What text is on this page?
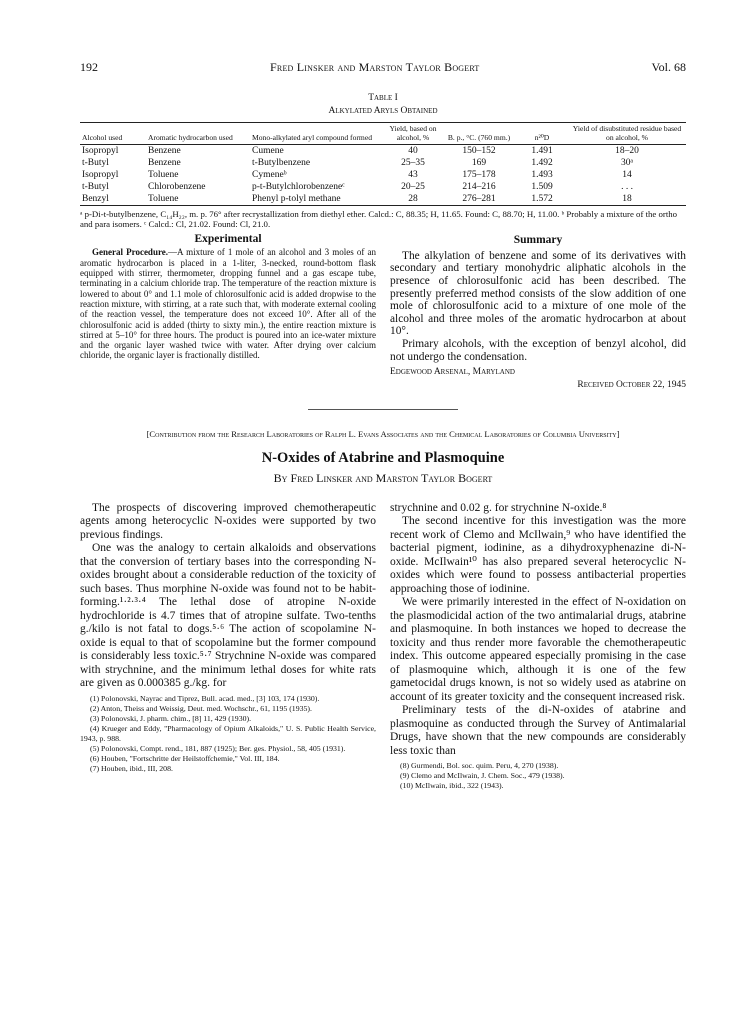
192	Fred Linsker and Marston Taylor Bogert	Vol. 68
Table I
Alkylated Aryls Obtained
Alcohol used	Aromatic hydrocarbon used	Mono-alkylated aryl compound formed	Yield, based on alcohol, %	B. p., °C. (760 mm.)	n²⁰D	Yield of disubstituted residue based on alcohol, %
Isopropyl	Benzene	Cumene	40	150–152	1.491	18–20
t-Butyl	Benzene	t-Butylbenzene	25–35	169	1.492	30ᵃ
Isopropyl	Toluene	Cymeneᵇ	43	175–178	1.493	14
t-Butyl	Chlorobenzene	p-t-Butylchlorobenzeneᶜ	20–25	214–216	1.509	. . .
Benzyl	Toluene	Phenyl p-tolyl methane	28	276–281	1.572	18
ᵃ p-Di-t-butylbenzene, C₁₄H₂₂, m. p. 76° after recrystallization from diethyl ether. Calcd.: C, 88.35; H, 11.65. Found: C, 88.70; H, 11.00. ᵇ Probably a mixture of the ortho and para isomers. ᶜ Calcd.: Cl, 21.02. Found: Cl, 21.0.
Experimental

General Procedure.—A mixture of 1 mole of an alcohol and 3 moles of an aromatic hydrocarbon is placed in a 1-liter, 3-necked, round-bottom flask equipped with stirrer, thermometer, dropping funnel and a gas escape tube, terminating in a calcium chloride trap. The temperature of the reaction mixture is lowered to about 0° and 1.1 mole of chlorosulfonic acid is added dropwise to the reaction mixture, with stirring, at a rate such that, with moderate external cooling of the reaction vessel, the temperature does not exceed 10°. After all of the chlorosulfonic acid is added (thirty to sixty min.), the entire reaction mixture is stirred at 5–10° for three hours. The product is poured into an ice-water mixture and the organic layer washed twice with water. After drying over calcium chloride, the organic layer is fractionally distilled.

Summary

The alkylation of benzene and some of its derivatives with secondary and tertiary monohydric aliphatic alcohols in the presence of chlorosulfonic acid has been described. The presently preferred method consists of the slow addition of one mole of chlorosulfonic acid to a mixture of one mole of the alcohol and three moles of the aromatic hydrocarbon at about 10°.

Primary alcohols, with the exception of benzyl alcohol, did not undergo the condensation.

Edgewood Arsenal, Maryland
Received October 22, 1945
[Contribution from the Research Laboratories of Ralph L. Evans Associates and the Chemical Laboratories of Columbia University]
N-Oxides of Atabrine and Plasmoquine
By Fred Linsker and Marston Taylor Bogert

The prospects of discovering improved chemotherapeutic agents among heterocyclic N-oxides were supported by two previous findings.

One was the analogy to certain alkaloids and observations that the conversion of tertiary bases into the corresponding N-oxides brought about a considerable reduction of the toxicity of such bases. Thus morphine N-oxide was found not to be habit-forming.¹·²·³·⁴ The lethal dose of atropine N-oxide hydrochloride is 4.7 times that of atropine sulfate. Two-tenths g./kilo is not fatal to dogs.⁵·⁶ The action of scopolamine N-oxide is equal to that of scopolamine but the former compound is considerably less toxic.⁵·⁷ Strychnine N-oxide was compared with strychnine, and the minimum lethal doses for white rats are given as 0.000385 g./kg. for

(1) Polonovski, Nayrac and Tiprez, Bull. acad. med., [3] 103, 174 (1930).
(2) Anton, Theiss and Weissig, Deut. med. Wochschr., 61, 1195 (1935).
(3) Polonovski, J. pharm. chim., [8] 11, 429 (1930).
(4) Krueger and Eddy, "Pharmacology of Opium Alkaloids," U. S. Public Health Service, 1943, p. 988.
(5) Polonovski, Compt. rend., 181, 887 (1925); Ber. ges. Physiol., 58, 405 (1931).
(6) Houben, "Fortschritte der Heilstoffchemie," Vol. III, 184.
(7) Houben, ibid., III, 208.

strychnine and 0.02 g. for strychnine N-oxide.⁸

The second incentive for this investigation was the more recent work of Clemo and McIlwain,⁹ who have identified the bacterial pigment, iodinine, as a dihydroxyphenazine di-N-oxide. McIlwain¹⁰ has also prepared several heterocyclic N-oxides which were found to possess antibacterial properties approaching those of iodinine.

We were primarily interested in the effect of N-oxidation on the plasmodicidal action of the two antimalarial drugs, atabrine and plasmoquine. In both instances we hoped to decrease the toxicity and thus render more favorable the chemotherapeutic index. This outcome appeared especially promising in the case of plasmoquine which, although it is one of the few gametocidal drugs known, is not so widely used as atabrine on account of its greater toxicity and the consequent increased risk.

Preliminary tests of the di-N-oxides of atabrine and plasmoquine as conducted through the Survey of Antimalarial Drugs, have shown that the new compounds are considerably less toxic than

(8) Gurmendi, Bol. soc. quim. Peru, 4, 270 (1938).
(9) Clemo and McIlwain, J. Chem. Soc., 479 (1938).
(10) McIlwain, ibid., 322 (1943).
